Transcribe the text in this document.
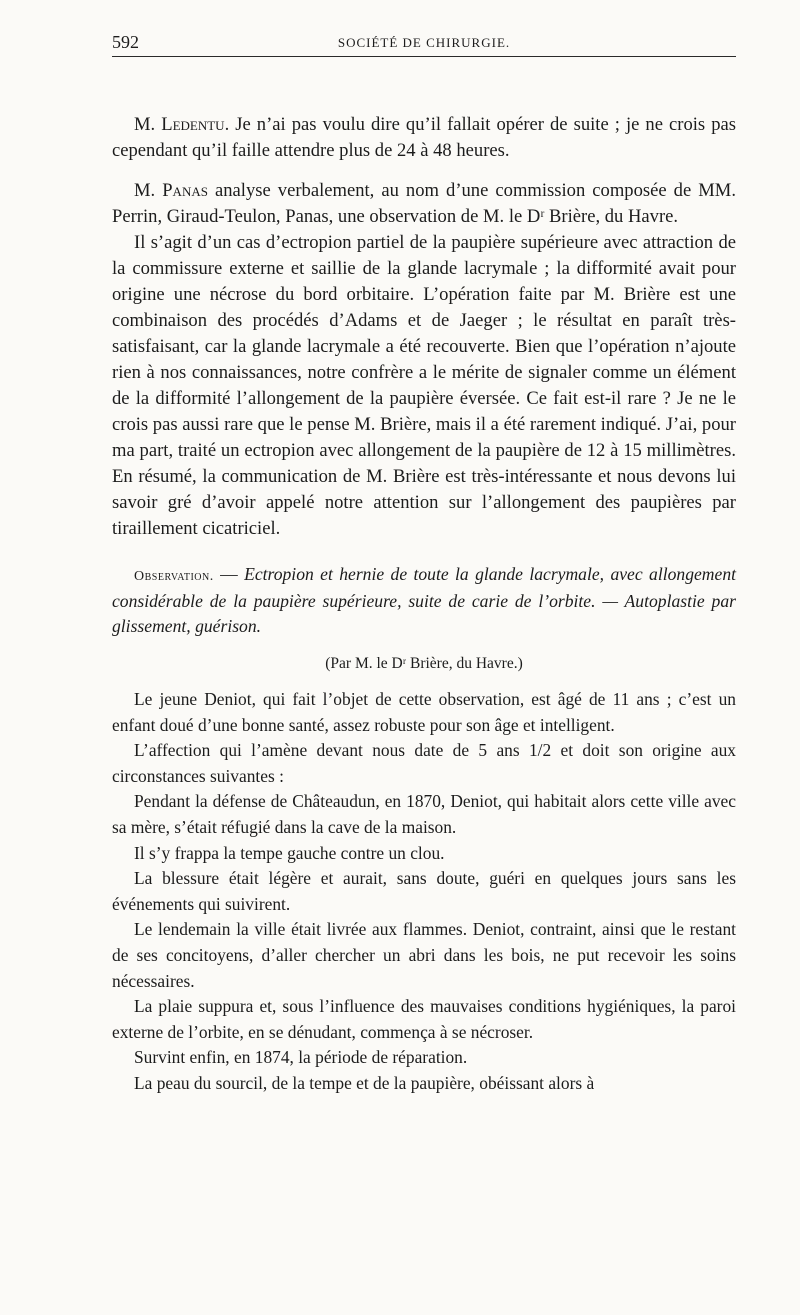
592	SOCIÉTÉ DE CHIRURGIE.

M. Ledentu. Je n’ai pas voulu dire qu’il fallait opérer de suite ; je ne crois pas cependant qu’il faille attendre plus de 24 à 48 heures.

M. Panas analyse verbalement, au nom d’une commission composée de MM. Perrin, Giraud-Teulon, Panas, une observation de M. le Dʳ Brière, du Havre.

Il s’agit d’un cas d’ectropion partiel de la paupière supérieure avec attraction de la commissure externe et saillie de la glande lacrymale ; la difformité avait pour origine une nécrose du bord orbitaire. L’opération faite par M. Brière est une combinaison des procédés d’Adams et de Jaeger ; le résultat en paraît très-satisfaisant, car la glande lacrymale a été recouverte. Bien que l’opération n’ajoute rien à nos connaissances, notre confrère a le mérite de signaler comme un élément de la difformité l’allongement de la paupière éversée. Ce fait est-il rare ? Je ne le crois pas aussi rare que le pense M. Brière, mais il a été rarement indiqué. J’ai, pour ma part, traité un ectropion avec allongement de la paupière de 12 à 15 millimètres. En résumé, la communication de M. Brière est très-intéressante et nous devons lui savoir gré d’avoir appelé notre attention sur l’allongement des paupières par tiraillement cicatriciel.

Observation. — Ectropion et hernie de toute la glande lacrymale, avec allongement considérable de la paupière supérieure, suite de carie de l’orbite. — Autoplastie par glissement, guérison.

(Par M. le Dʳ Brière, du Havre.)

Le jeune Deniot, qui fait l’objet de cette observation, est âgé de 11 ans ; c’est un enfant doué d’une bonne santé, assez robuste pour son âge et intelligent.

L’affection qui l’amène devant nous date de 5 ans 1/2 et doit son origine aux circonstances suivantes :

Pendant la défense de Châteaudun, en 1870, Deniot, qui habitait alors cette ville avec sa mère, s’était réfugié dans la cave de la maison.

Il s’y frappa la tempe gauche contre un clou.

La blessure était légère et aurait, sans doute, guéri en quelques jours sans les événements qui suivirent.

Le lendemain la ville était livrée aux flammes. Deniot, contraint, ainsi que le restant de ses concitoyens, d’aller chercher un abri dans les bois, ne put recevoir les soins nécessaires.

La plaie suppura et, sous l’influence des mauvaises conditions hygiéniques, la paroi externe de l’orbite, en se dénudant, commença à se nécroser.

Survint enfin, en 1874, la période de réparation.

La peau du sourcil, de la tempe et de la paupière, obéissant alors à
